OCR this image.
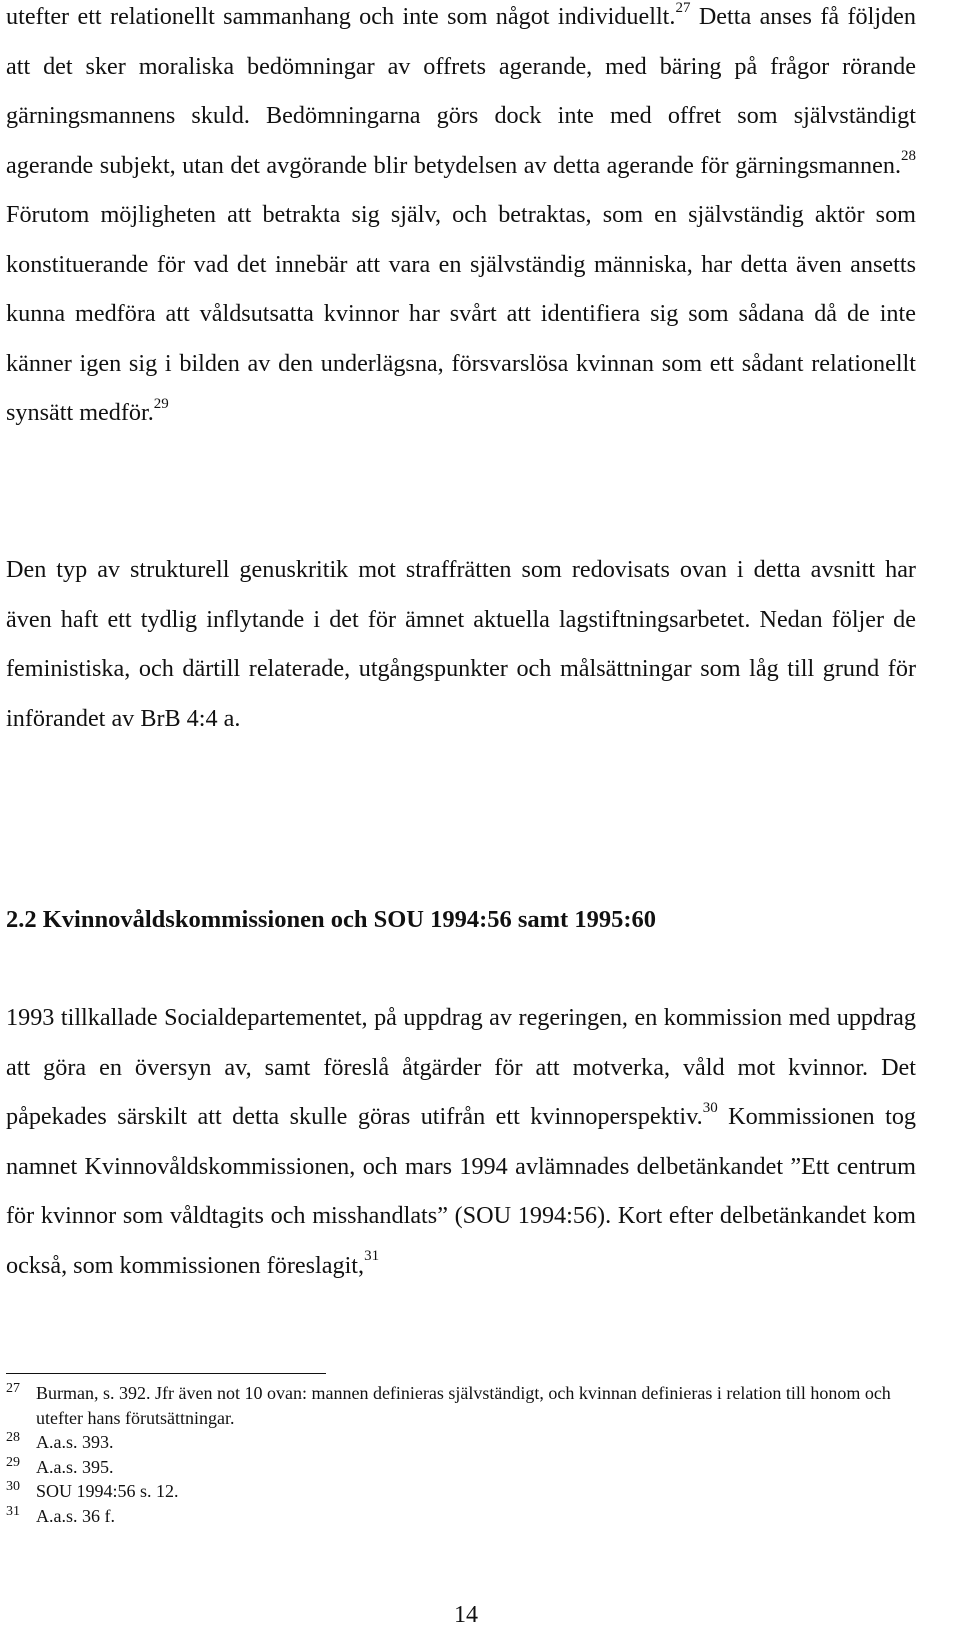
utefter ett relationellt sammanhang och inte som något individuellt.$^{27}$ Detta anses få följden att det sker moraliska bedömningar av offrets agerande, med bäring på frågor rörande gärningsmannens skuld. Bedömningarna görs dock inte med offret som självständigt agerande subjekt, utan det avgörande blir betydelsen av detta agerande för gärningsmannen.$^{28}$ Förutom möjligheten att betrakta sig själv, och betraktas, som en självständig aktör som konstituerande för vad det innebär att vara en självständig människa, har detta även ansetts kunna medföra att våldsutsatta kvinnor har svårt att identifiera sig som sådana då de inte känner igen sig i bilden av den underlägsna, försvarslösa kvinnan som ett sådant relationellt synsätt medför.$^{29}$

Den typ av strukturell genuskritik mot straffrätten som redovisats ovan i detta avsnitt har även haft ett tydlig inflytande i det för ämnet aktuella lagstiftningsarbetet. Nedan följer de feministiska, och därtill relaterade, utgångspunkter och målsättningar som låg till grund för införandet av BrB 4:4 a.

2.2 Kvinnovåldskommissionen och SOU 1994:56 samt 1995:60

1993 tillkallade Socialdepartementet, på uppdrag av regeringen, en kommission med uppdrag att göra en översyn av, samt föreslå åtgärder för att motverka, våld mot kvinnor. Det påpekades särskilt att detta skulle göras utifrån ett kvinnoperspektiv.$^{30}$ Kommissionen tog namnet Kvinnovåldskommissionen, och mars 1994 avlämnades delbetänkandet ”Ett centrum för kvinnor som våldtagits och misshandlats” (SOU 1994:56). Kort efter delbetänkandet kom också, som kommissionen föreslagit,$^{31}$

27 Burman, s. 392. Jfr även not 10 ovan: mannen definieras självständigt, och kvinnan definieras i relation till honom och utefter hans förutsättningar.
28 A.a.s. 393.
29 A.a.s. 395.
30 SOU 1994:56 s. 12.
31 A.a.s. 36 f.
14
